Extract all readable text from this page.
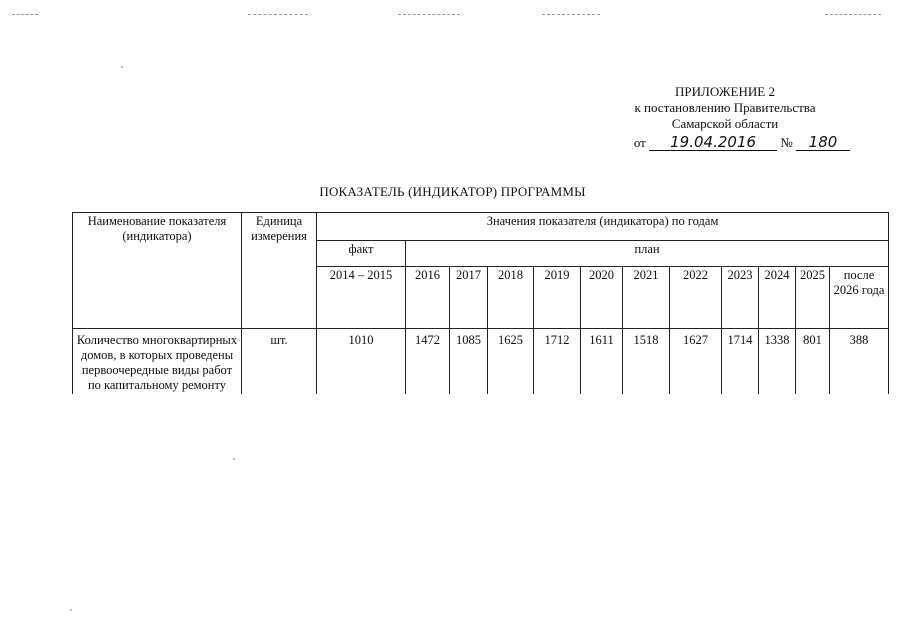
ПРИЛОЖЕНИЕ 2
к постановлению Правительства
Самарской области
от 19.04.2016 № 180
ПОКАЗАТЕЛЬ (ИНДИКАТОР) ПРОГРАММЫ
Наименование показателя (индикатора)	Единица измерения	Значения показателя (индикатора) по годам											
		факт	план										
		2014 – 2015	2016	2017	2018	2019	2020	2021	2022	2023	2024	2025	после 2026 года
Количество многоквартирных домов, в которых проведены первоочередные виды работ по капитальному ремонту	шт.	1010	1472	1085	1625	1712	1611	1518	1627	1714	1338	801	388
